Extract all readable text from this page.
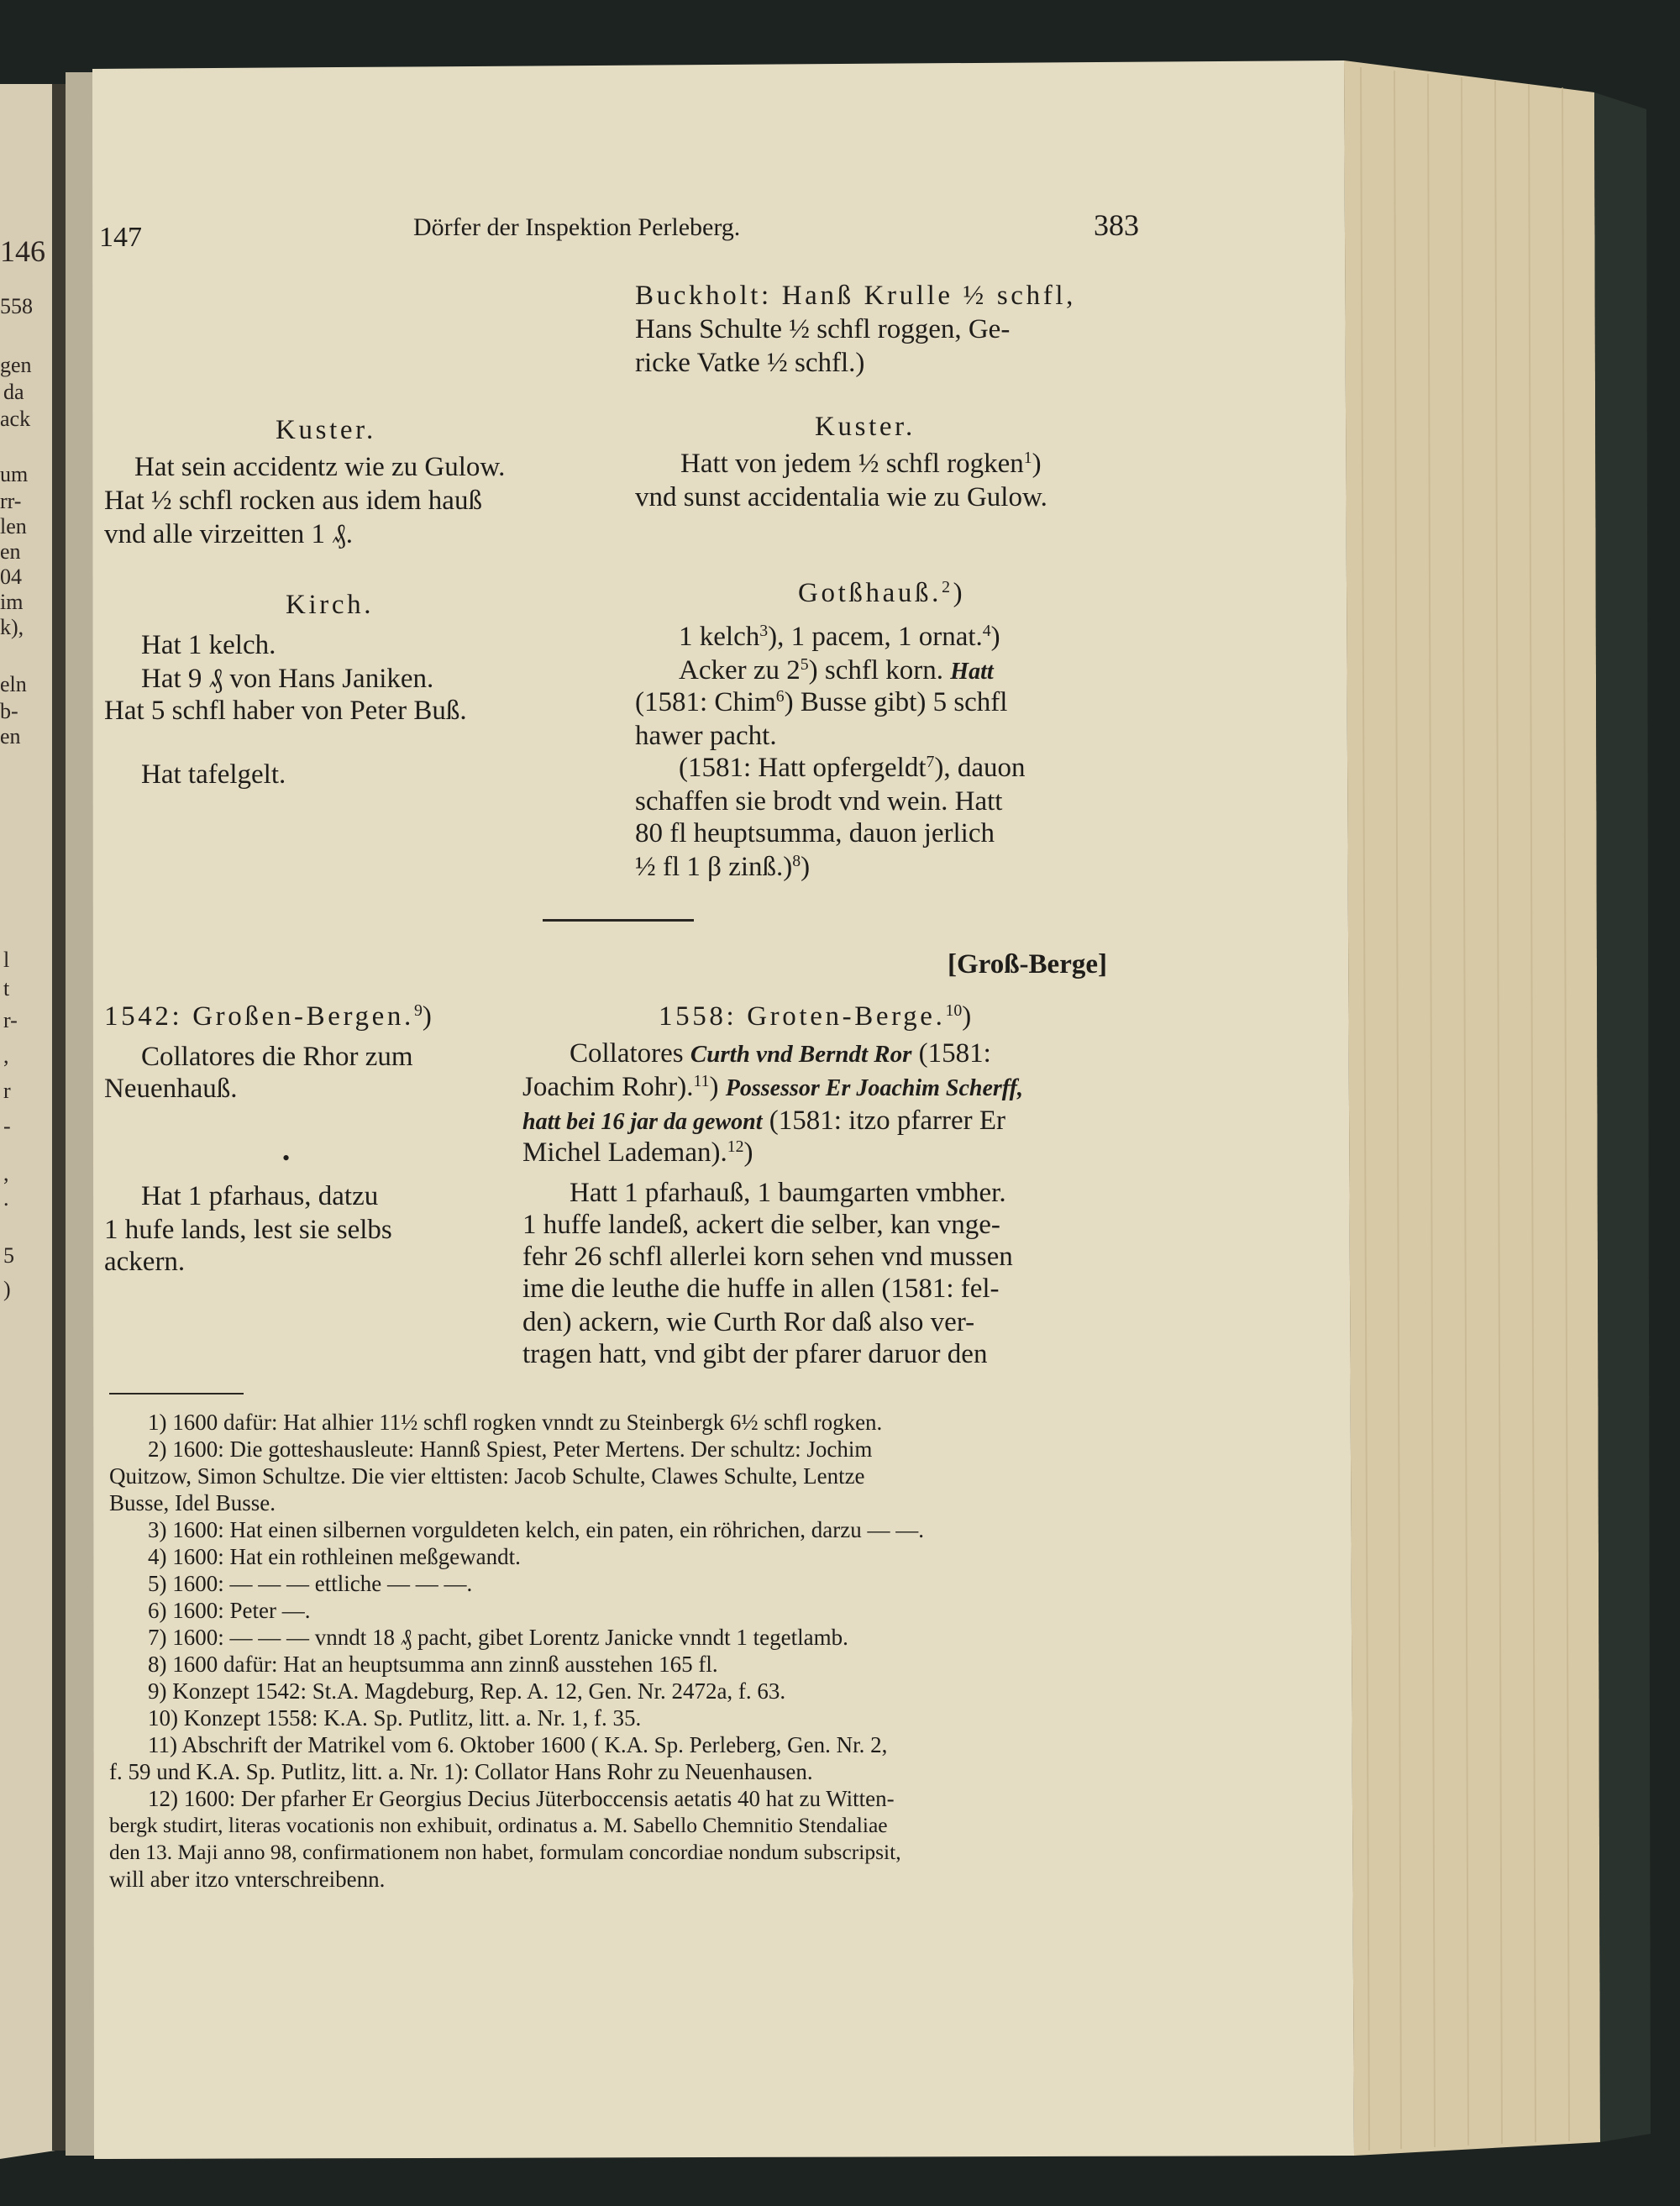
146
558
gen
da
ack
um
rr-
len
en
04
im
k),
eln
b-
en
l
t
r-
,
r
-
,
.
5
)
147	Dörfer der Inspektion Perleberg.	383
Buckholt: Hanß Krulle ½ schfl,
Hans Schulte ½ schfl roggen, Ge-
ricke Vatke ½ schfl.)
Kuster.
Hat sein accidentz wie zu Gulow.
Hat ½ schfl rocken aus idem hauß
vnd alle virzeitten 1 ₰.
Kirch.
Hat 1 kelch.
Hat 9 ₰ von Hans Janiken.
Hat 5 schfl haber von Peter Buß.
Hat tafelgelt.
Kuster.
Hatt von jedem ½ schfl rogken$^1$)
vnd sunst accidentalia wie zu Gulow.
Gotßhauß.$^2$)
1 kelch$^3$), 1 pacem, 1 ornat.$^4$)
Acker zu $2^5$) schfl korn. Hatt
(1581: Chim$^6$) Busse gibt) 5 schfl
hawer pacht.
(1581: Hatt opfergeldt$^7$), dauon
schaffen sie brodt vnd wein. Hatt
80 fl heuptsumma, dauon jerlich
½ fl 1 β zinß.)$^8$)
[Groß-Berge]
1542: Großen-Bergen.$^9$)
Collatores die Rhor zum
Neuenhauß.
•
Hat 1 pfarhaus, datzu
1 hufe lands, lest sie selbs
ackern.
1558: Groten-Berge.$^{10}$)
Collatores Curth vnd Berndt Ror (1581:
Joachim Rohr).$^{11}$) Possessor Er Joachim Scherff,
hatt bei 16 jar da gewont (1581: itzo pfarrer Er
Michel Lademan).$^{12}$)
Hatt 1 pfarhauß, 1 baumgarten vmbher.
1 huffe landeß, ackert die selber, kan vnge-
fehr 26 schfl allerlei korn sehen vnd mussen
ime die leuthe die huffe in allen (1581: fel-
den) ackern, wie Curth Ror daß also ver-
tragen hatt, vnd gibt der pfarer daruor den
1) 1600 dafür: Hat alhier 11½ schfl rogken vnndt zu Steinbergk 6½ schfl rogken.
2) 1600: Die gotteshausleute: Hannß Spiest, Peter Mertens. Der schultz: Jochim
Quitzow, Simon Schultze. Die vier elttisten: Jacob Schulte, Clawes Schulte, Lentze
Busse, Idel Busse.
3) 1600: Hat einen silbernen vorguldeten kelch, ein paten, ein röhrichen, darzu — —.
4) 1600: Hat ein rothleinen meßgewandt.
5) 1600: — — — ettliche — — —.
6) 1600: Peter —.
7) 1600: — — — vnndt 18 ₰ pacht, gibet Lorentz Janicke vnndt 1 tegetlamb.
8) 1600 dafür: Hat an heuptsumma ann zinnß ausstehen 165 fl.
9) Konzept 1542: St.A. Magdeburg, Rep. A. 12, Gen. Nr. 2472a, f. 63.
10) Konzept 1558: K.A. Sp. Putlitz, litt. a. Nr. 1, f. 35.
11) Abschrift der Matrikel vom 6. Oktober 1600 ( K.A. Sp. Perleberg, Gen. Nr. 2,
f. 59 und K.A. Sp. Putlitz, litt. a. Nr. 1): Collator Hans Rohr zu Neuenhausen.
12) 1600: Der pfarher Er Georgius Decius Jüterboccensis aetatis 40 hat zu Witten-
bergk studirt, literas vocationis non exhibuit, ordinatus a. M. Sabello Chemnitio Stendaliae
den 13. Maji anno 98, confirmationem non habet, formulam concordiae nondum subscripsit,
will aber itzo vnterschreibenn.
